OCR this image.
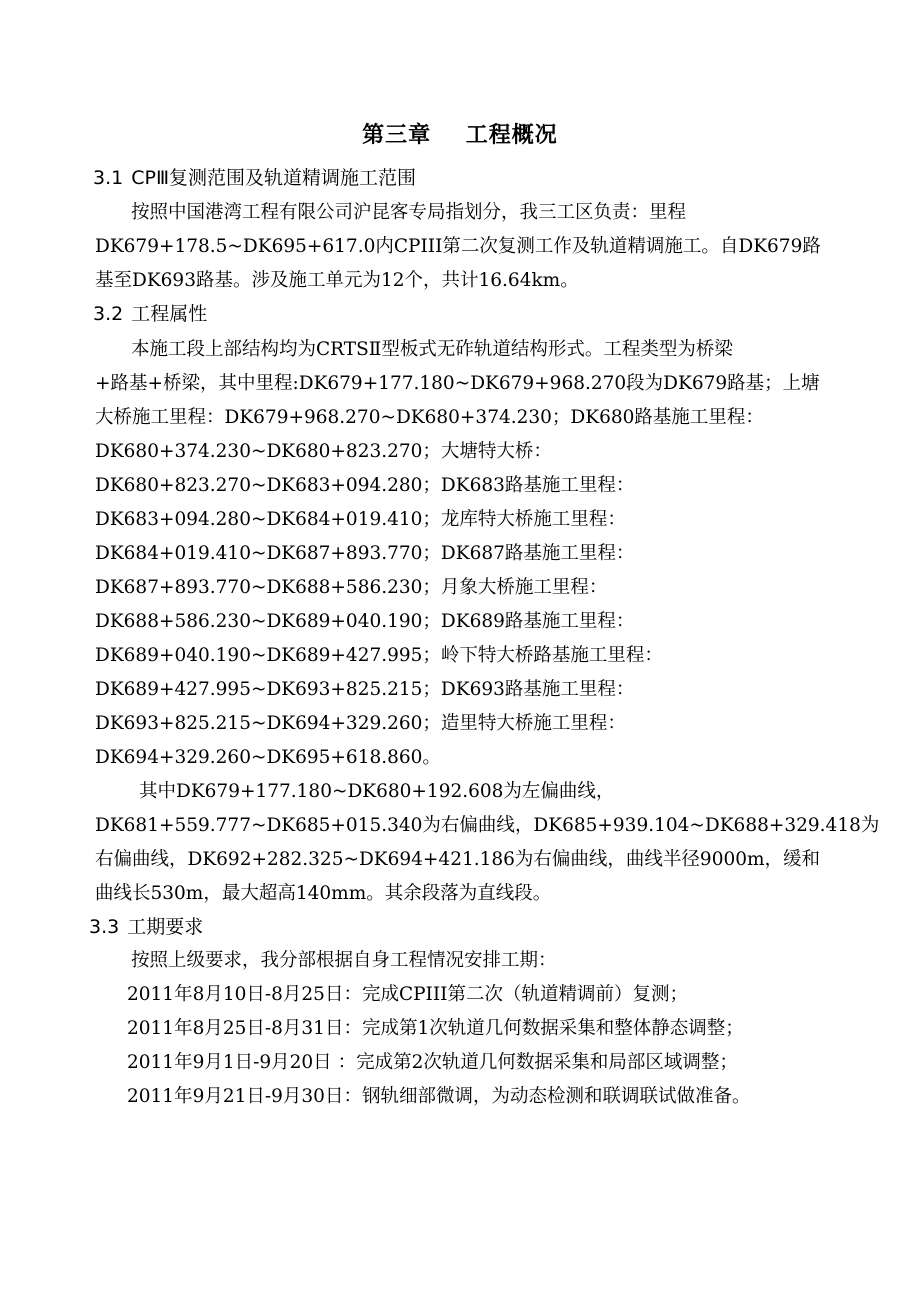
第三章    工程概况
3.1 CPⅢ复测范围及轨道精调施工范围
按照中国港湾工程有限公司沪昆客专局指划分，我三工区负责：里程
DK679+178.5~DK695+617.0内CPIII第二次复测工作及轨道精调施工。自DK679路
基至DK693路基。涉及施工单元为12个，共计16.64km。
3.2 工程属性
本施工段上部结构均为CRTSⅡ型板式无砟轨道结构形式。工程类型为桥梁
+路基+桥梁，其中里程:DK679+177.180~DK679+968.270段为DK679路基；上塘
大桥施工里程：DK679+968.270~DK680+374.230；DK680路基施工里程：
DK680+374.230~DK680+823.270；大塘特大桥：
DK680+823.270~DK683+094.280；DK683路基施工里程：
DK683+094.280~DK684+019.410；龙库特大桥施工里程：
DK684+019.410~DK687+893.770；DK687路基施工里程：
DK687+893.770~DK688+586.230；月象大桥施工里程：
DK688+586.230~DK689+040.190；DK689路基施工里程：
DK689+040.190~DK689+427.995；岭下特大桥路基施工里程：
DK689+427.995~DK693+825.215；DK693路基施工里程：
DK693+825.215~DK694+329.260；造里特大桥施工里程：
DK694+329.260~DK695+618.860。
其中DK679+177.180~DK680+192.608为左偏曲线，
DK681+559.777~DK685+015.340为右偏曲线，DK685+939.104~DK688+329.418为
右偏曲线，DK692+282.325~DK694+421.186为右偏曲线，曲线半径9000m，缓和
曲线长530m，最大超高140mm。其余段落为直线段。
3.3 工期要求
按照上级要求，我分部根据自身工程情况安排工期：
2011年8月10日-8月25日：完成CPIII第二次（轨道精调前）复测；
2011年8月25日-8月31日：完成第1次轨道几何数据采集和整体静态调整；
2011年9月1日-9月20日 ：完成第2次轨道几何数据采集和局部区域调整；
2011年9月21日-9月30日：钢轨细部微调，为动态检测和联调联试做准备。
